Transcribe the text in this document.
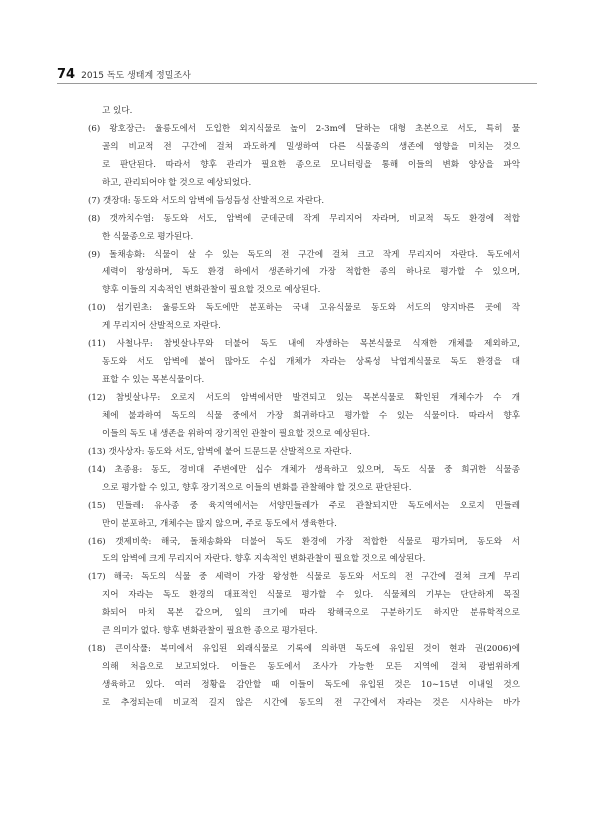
74 2015 독도 생태계 정밀조사
고 있다.
(6) 왕호장근: 울릉도에서 도입한 외지식물로 높이 2-3m에 달하는 대형 초본으로 서도, 특히 물
골의 비교적 전 구간에 걸쳐 과도하게 밀생하여 다른 식물종의 생존에 영향을 미치는 것으
로 판단된다. 따라서 향후 관리가 필요한 종으로 모니터링을 통해 이들의 변화 양상을 파악
하고, 관리되어야 할 것으로 예상되었다.
(7) 갯장대: 동도와 서도의 암벽에 듬성듬성 산발적으로 자란다.
(8) 갯까치수염: 동도와 서도, 암벽에 군데군데 작게 무리지어 자라며, 비교적 독도 환경에 적합
한 식물종으로 평가된다.
(9) 돌채송화: 식물이 살 수 있는 독도의 전 구간에 걸쳐 크고 작게 무리지어 자란다. 독도에서
세력이 왕성하며, 독도 환경 하에서 생존하기에 가장 적합한 종의 하나로 평가할 수 있으며,
향후 이들의 지속적인 변화관찰이 필요할 것으로 예상된다.
(10) 섬기린초: 울릉도와 독도에만 분포하는 국내 고유식물로 동도와 서도의 양지바른 곳에 작
게 무리지어 산발적으로 자란다.
(11) 사철나무: 참빗살나무와 더불어 독도 내에 자생하는 목본식물로 식재한 개체를 제외하고,
동도와 서도 암벽에 붙어 많아도 수십 개체가 자라는 상록성 낙엽계식물로 독도 환경을 대
표할 수 있는 목본식물이다.
(12) 참빗살나무: 오로지 서도의 암벽에서만 발견되고 있는 목본식물로 확인된 개체수가 수 개
체에 불과하여 독도의 식물 중에서 가장 희귀하다고 평가할 수 있는 식물이다. 따라서 향후
이들의 독도 내 생존을 위하여 장기적인 관찰이 필요할 것으로 예상된다.
(13) 갯사상자: 동도와 서도, 암벽에 붙어 드문드문 산발적으로 자란다.
(14) 초종용: 동도, 경비대 주변에만 십수 개체가 생육하고 있으며, 독도 식물 중 희귀한 식물종
으로 평가할 수 있고, 향후 장기적으로 이들의 변화를 관찰해야 할 것으로 판단된다.
(15) 민들레: 유사종 중 육지역에서는 서양민들레가 주로 관찰되지만 독도에서는 오로지 민들레
만이 분포하고, 개체수는 많지 않으며, 주로 동도에서 생육한다.
(16) 갯제비쑥: 해국, 돌채송화와 더불어 독도 환경에 가장 적합한 식물로 평가되며, 동도와 서
도의 암벽에 크게 무리지어 자란다. 향후 지속적인 변화관찰이 필요할 것으로 예상된다.
(17) 해국: 독도의 식물 중 세력이 가장 왕성한 식물로 동도와 서도의 전 구간에 걸쳐 크게 무리
지어 자라는 독도 환경의 대표적인 식물로 평가할 수 있다. 식물체의 기부는 단단하게 목질
화되어 마치 목본 같으며, 잎의 크기에 따라 왕해국으로 구분하기도 하지만 분류학적으로
큰 의미가 없다. 향후 변화관찰이 필요한 종으로 평가된다.
(18) 큰이삭풀: 북미에서 유입된 외래식물로 기록에 의하면 독도에 유입된 것이 현과 권(2006)에
의해 처음으로 보고되었다. 이들은 동도에서 조사가 가능한 모든 지역에 걸쳐 광범위하게
생육하고 있다. 여러 정황을 감안할 때 이들이 독도에 유입된 것은 10∼15년 이내일 것으
로 추정되는데 비교적 길지 않은 시간에 동도의 전 구간에서 자라는 것은 시사하는 바가
